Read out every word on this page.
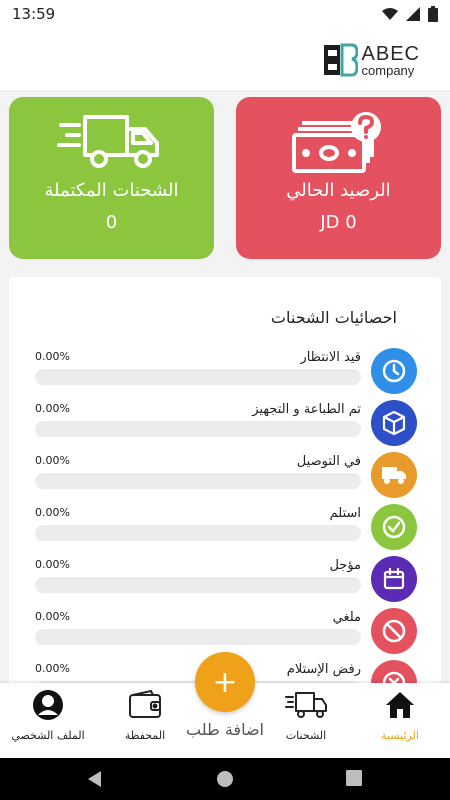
13:59
ABEC
company
الشحنات المكتملة
0
الرصيد الحالي
JD 0
احصائيات الشحنات
قيد الانتظار
0.00%
تم الطباعة و التجهيز
0.00%
في التوصيل
0.00%
استلم
0.00%
مؤجل
0.00%
ملغي
0.00%
رفض الإستلام
0.00%
الملف الشخصي	المحفظة	الشحنات	الرئيسية
+
اضافة طلب
